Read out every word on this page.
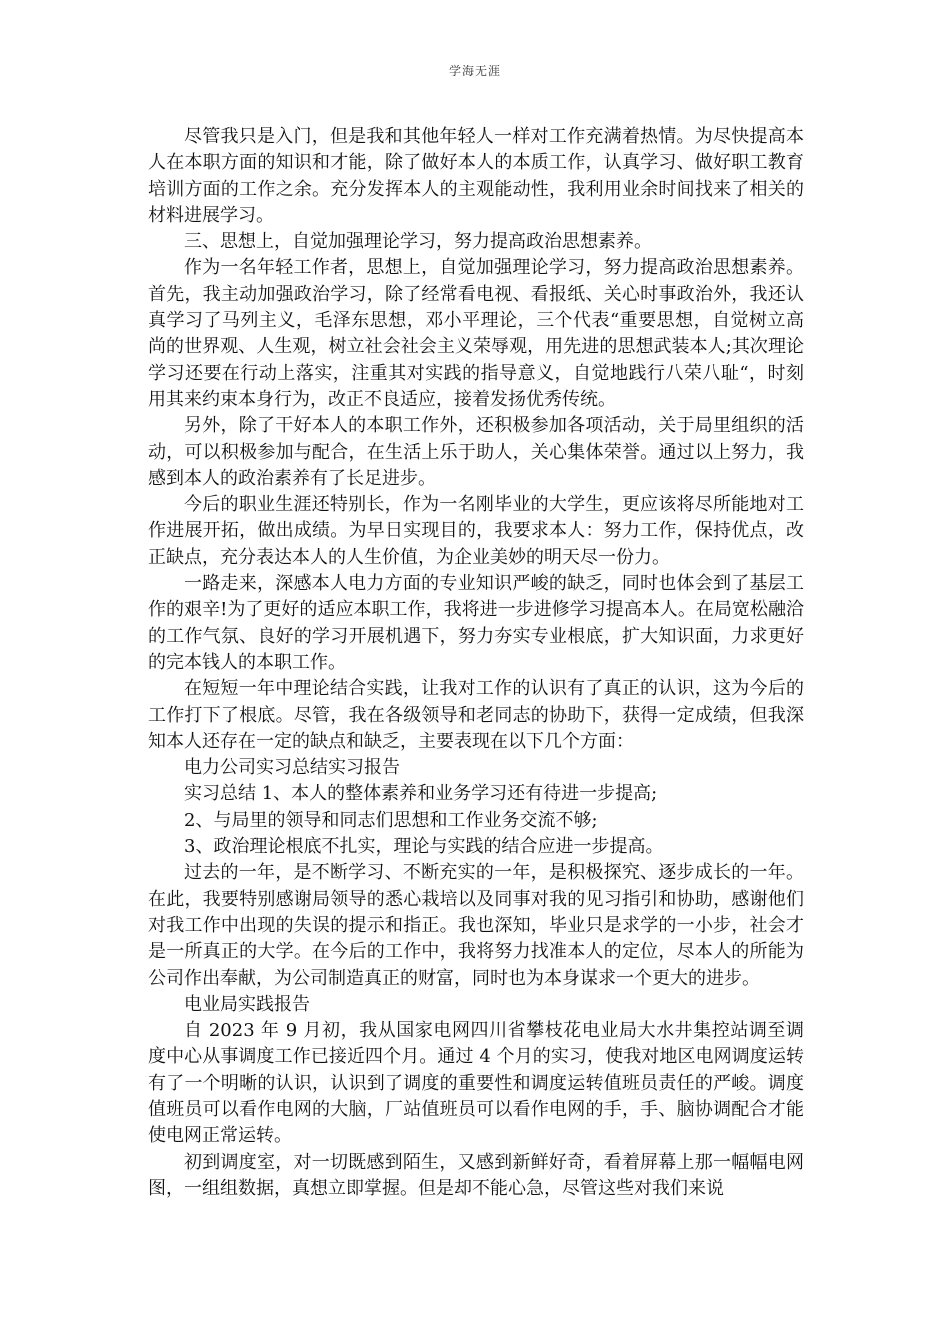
学海无涯

尽管我只是入门，但是我和其他年轻人一样对工作充满着热情。为尽快提高本人在本职方面的知识和才能，除了做好本人的本质工作，认真学习、做好职工教育培训方面的工作之余。充分发挥本人的主观能动性，我利用业余时间找来了相关的材料进展学习。

三、思想上，自觉加强理论学习，努力提高政治思想素养。

作为一名年轻工作者，思想上，自觉加强理论学习，努力提高政治思想素养。首先，我主动加强政治学习，除了经常看电视、看报纸、关心时事政治外，我还认真学习了马列主义，毛泽东思想，邓小平理论，三个代表“重要思想，自觉树立高尚的世界观、人生观，树立社会社会主义荣辱观，用先进的思想武装本人;其次理论学习还要在行动上落实，注重其对实践的指导意义，自觉地践行八荣八耻“，时刻用其来约束本身行为，改正不良适应，接着发扬优秀传统。

另外，除了干好本人的本职工作外，还积极参加各项活动，关于局里组织的活动，可以积极参加与配合，在生活上乐于助人，关心集体荣誉。通过以上努力，我感到本人的政治素养有了长足进步。

今后的职业生涯还特别长，作为一名刚毕业的大学生，更应该将尽所能地对工作进展开拓，做出成绩。为早日实现目的，我要求本人：努力工作，保持优点，改正缺点，充分表达本人的人生价值，为企业美妙的明天尽一份力。

一路走来，深感本人电力方面的专业知识严峻的缺乏，同时也体会到了基层工作的艰辛!为了更好的适应本职工作，我将进一步进修学习提高本人。在局宽松融洽的工作气氛、良好的学习开展机遇下，努力夯实专业根底，扩大知识面，力求更好的完本钱人的本职工作。

在短短一年中理论结合实践，让我对工作的认识有了真正的认识，这为今后的工作打下了根底。尽管，我在各级领导和老同志的协助下，获得一定成绩，但我深知本人还存在一定的缺点和缺乏，主要表现在以下几个方面：

电力公司实习总结实习报告

实习总结 1、本人的整体素养和业务学习还有待进一步提高;

2、与局里的领导和同志们思想和工作业务交流不够;

3、政治理论根底不扎实，理论与实践的结合应进一步提高。

过去的一年，是不断学习、不断充实的一年，是积极探究、逐步成长的一年。在此，我要特别感谢局领导的悉心栽培以及同事对我的见习指引和协助，感谢他们对我工作中出现的失误的提示和指正。我也深知，毕业只是求学的一小步，社会才是一所真正的大学。在今后的工作中，我将努力找准本人的定位，尽本人的所能为公司作出奉献，为公司制造真正的财富，同时也为本身谋求一个更大的进步。

电业局实践报告

自 2023 年 9 月初，我从国家电网四川省攀枝花电业局大水井集控站调至调度中心从事调度工作已接近四个月。通过 4 个月的实习，使我对地区电网调度运转有了一个明晰的认识，认识到了调度的重要性和调度运转值班员责任的严峻。调度值班员可以看作电网的大脑，厂站值班员可以看作电网的手，手、脑协调配合才能使电网正常运转。

初到调度室，对一切既感到陌生，又感到新鲜好奇，看着屏幕上那一幅幅电网图，一组组数据，真想立即掌握。但是却不能心急，尽管这些对我们来说
